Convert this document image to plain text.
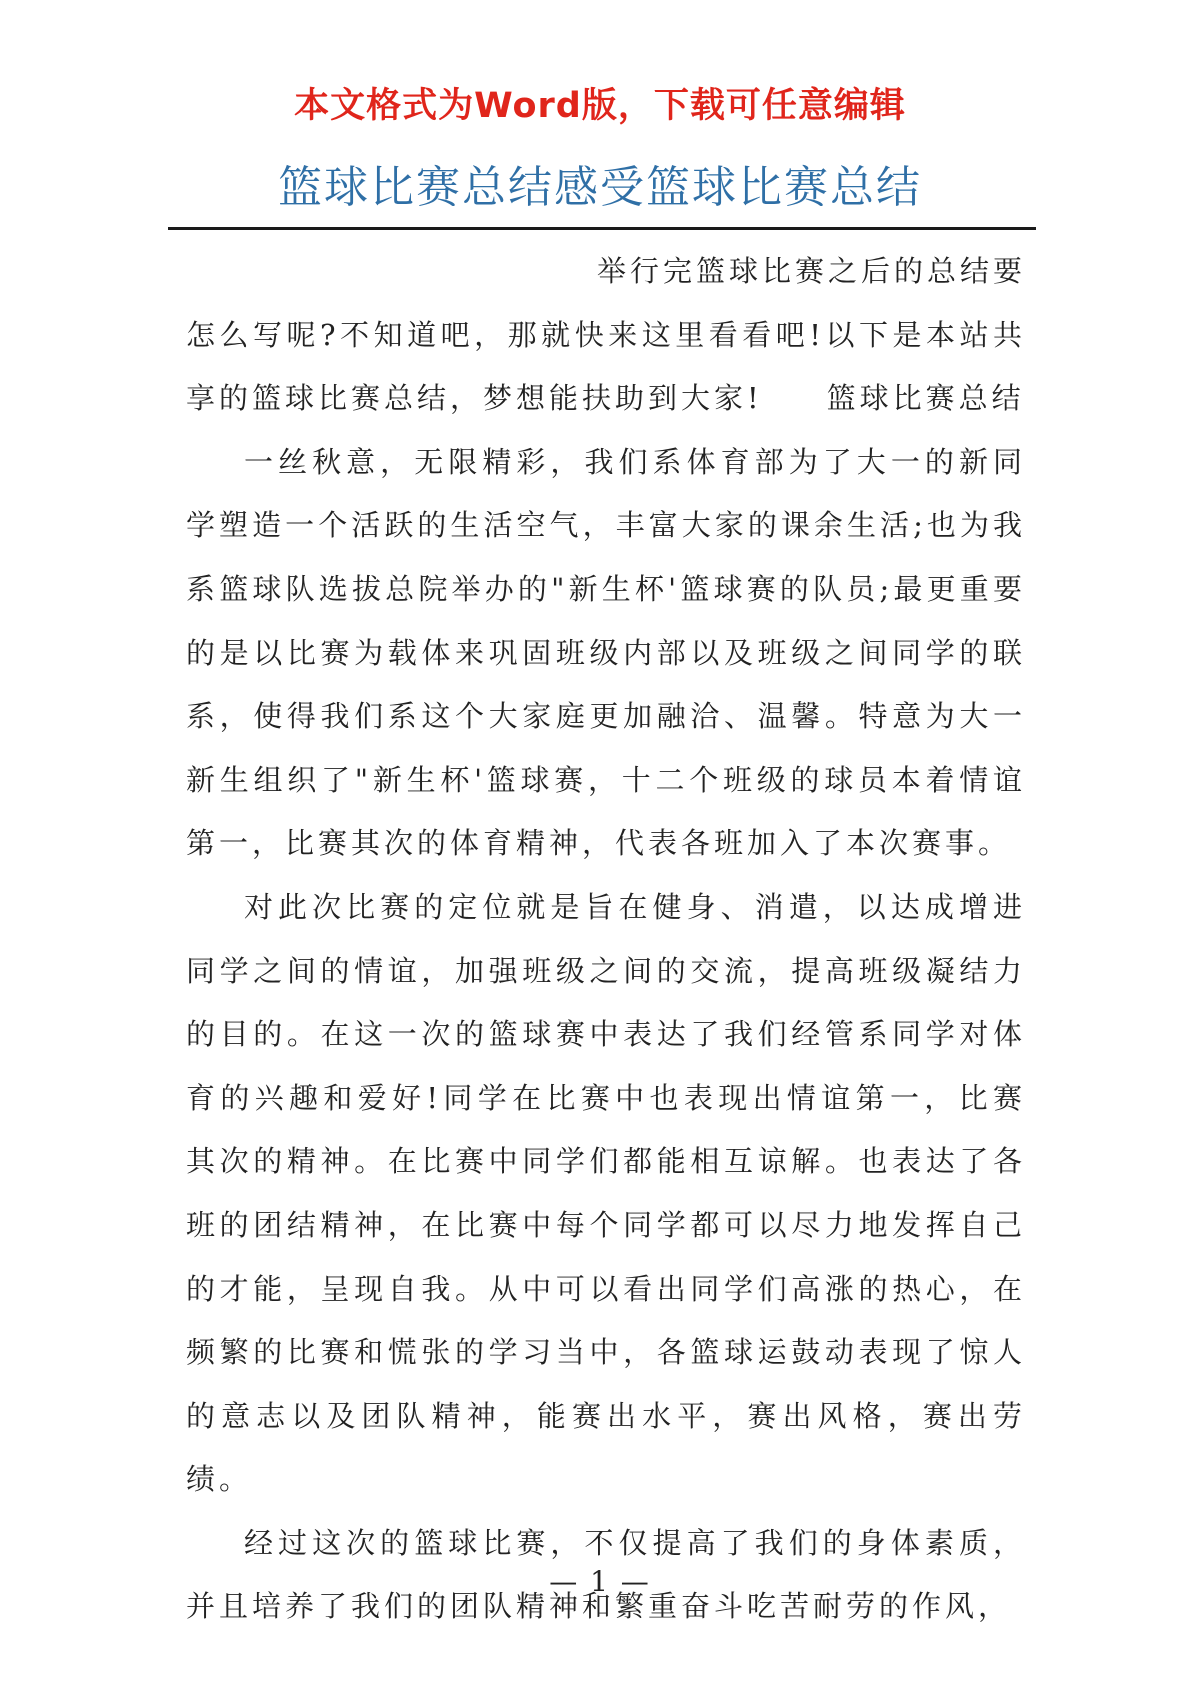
本文格式为Word版，下载可任意编辑
篮球比赛总结感受篮球比赛总结

举行完篮球比赛之后的总结要
怎么写呢?不知道吧，那就快来这里看看吧!以下是本站共享的篮球比赛总结，梦想能扶助到大家! 篮球比赛总结

一丝秋意，无限精彩，我们系体育部为了大一的新同学塑造一个活跃的生活空气，丰富大家的课余生活;也为我系篮球队选拔总院举办的"新生杯'篮球赛的队员;最更重要的是以比赛为载体来巩固班级内部以及班级之间同学的联系，使得我们系这个大家庭更加融洽、温馨。特意为大一新生组织了"新生杯'篮球赛，十二个班级的球员本着情谊第一，比赛其次的体育精神，代表各班加入了本次赛事。

对此次比赛的定位就是旨在健身、消遣，以达成增进同学之间的情谊，加强班级之间的交流，提高班级凝结力的目的。在这一次的篮球赛中表达了我们经管系同学对体育的兴趣和爱好!同学在比赛中也表现出情谊第一，比赛其次的精神。在比赛中同学们都能相互谅解。也表达了各班的团结精神，在比赛中每个同学都可以尽力地发挥自己的才能，呈现自我。从中可以看出同学们高涨的热心，在频繁的比赛和慌张的学习当中，各篮球运鼓动表现了惊人的意志以及团队精神，能赛出水平，赛出风格，赛出劳绩。

经过这次的篮球比赛，不仅提高了我们的身体素质，并且培养了我们的团队精神和繁重奋斗吃苦耐劳的作风，

— 1 —
